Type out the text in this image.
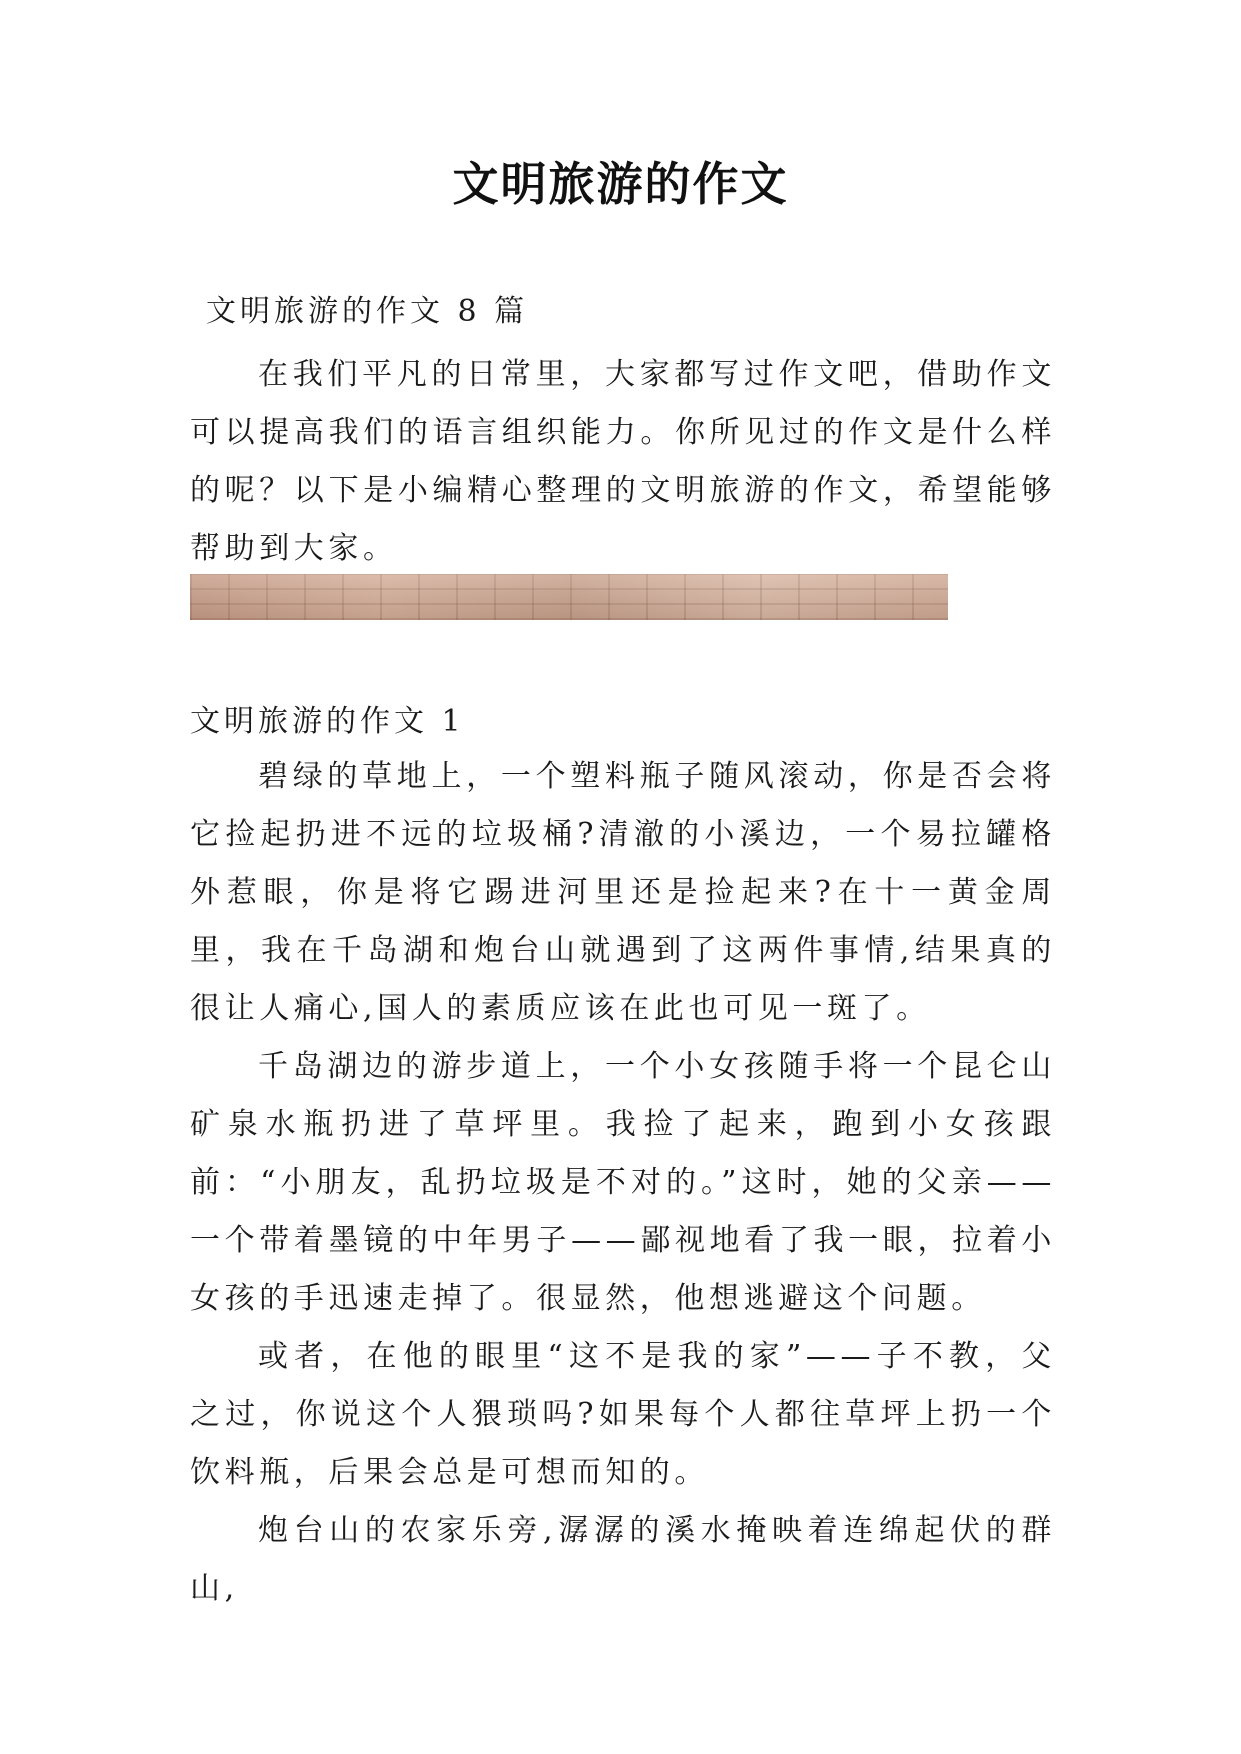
文明旅游的作文

文明旅游的作文 8 篇

在我们平凡的日常里，大家都写过作文吧，借助作文可以提高我们的语言组织能力。你所见过的作文是什么样的呢？以下是小编精心整理的文明旅游的作文，希望能够帮助到大家。

文明旅游的作文 1

碧绿的草地上，一个塑料瓶子随风滚动，你是否会将它捡起扔进不远的垃圾桶?清澈的小溪边，一个易拉罐格外惹眼，你是将它踢进河里还是捡起来?在十一黄金周里，我在千岛湖和炮台山就遇到了这两件事情,结果真的很让人痛心,国人的素质应该在此也可见一斑了。

千岛湖边的游步道上，一个小女孩随手将一个昆仑山矿泉水瓶扔进了草坪里。我捡了起来，跑到小女孩跟前：“小朋友，乱扔垃圾是不对的。”这时，她的父亲——一个带着墨镜的中年男子——鄙视地看了我一眼，拉着小女孩的手迅速走掉了。很显然，他想逃避这个问题。

或者，在他的眼里“这不是我的家”——子不教，父之过，你说这个人猥琐吗?如果每个人都往草坪上扔一个饮料瓶，后果会总是可想而知的。

炮台山的农家乐旁,潺潺的溪水掩映着连绵起伏的群山,
